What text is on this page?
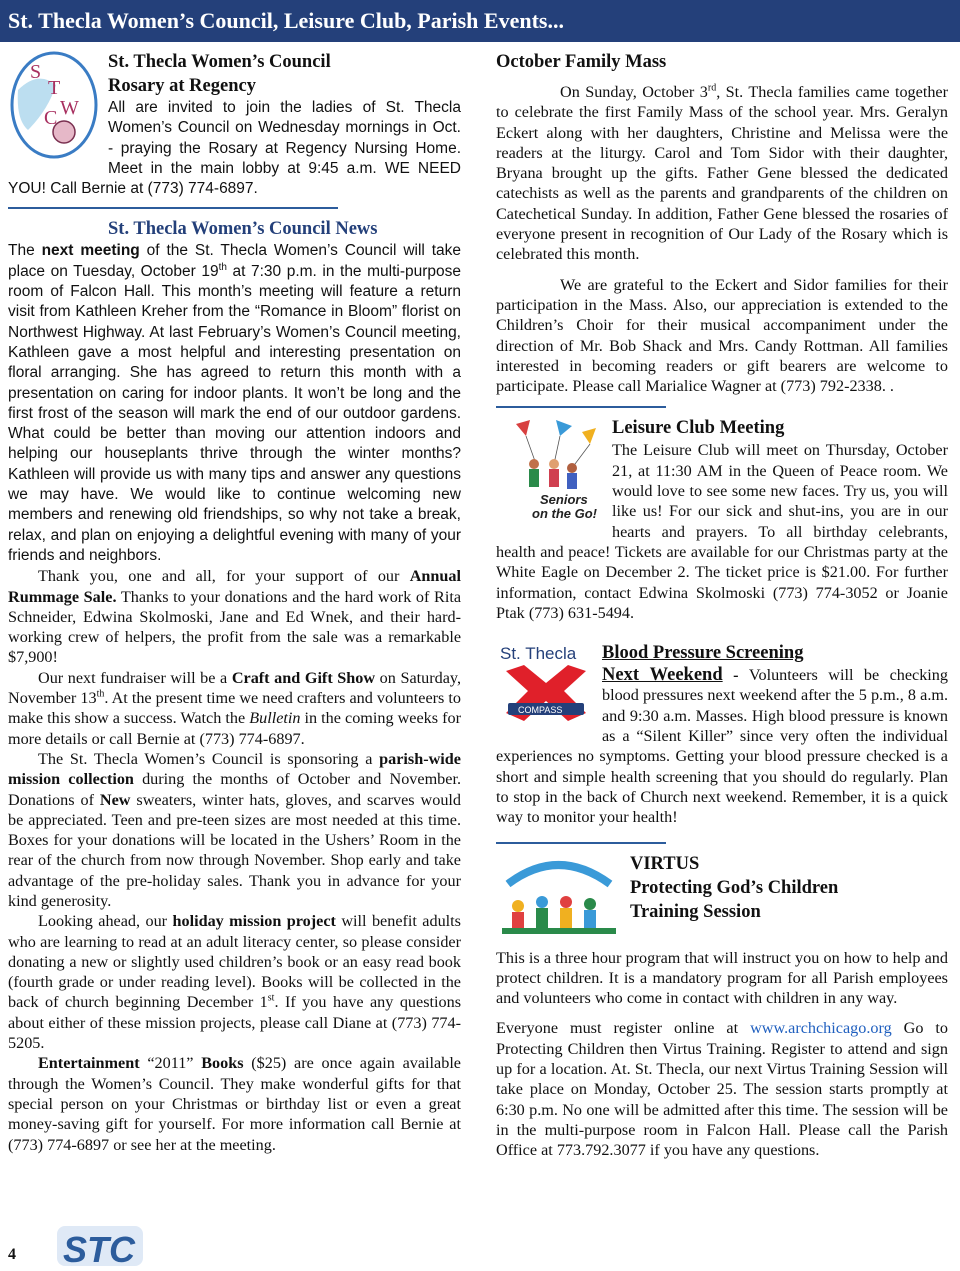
St. Thecla Women’s Council, Leisure Club, Parish Events...
S
T
W
C

St. Thecla Women’s Council

Rosary at Regency

All are invited to join the ladies of St. Thecla Women’s Council on Wednesday mornings in Oct. - praying the Rosary at Regency Nursing Home. Meet in the main lobby at 9:45 a.m. WE NEED YOU! Call Bernie at (773) 774-6897.

St. Thecla Women’s Council News

The next meeting of the St. Thecla Women’s Council will take place on Tuesday, October 19th at 7:30 p.m. in the multi-purpose room of Falcon Hall. This month’s meeting will feature a return visit from Kathleen Kreher from the “Romance in Bloom” florist on Northwest Highway. At last February’s Women’s Council meeting, Kathleen gave a most helpful and interesting presentation on floral arranging. She has agreed to return this month with a presentation on caring for indoor plants. It won’t be long and the first frost of the season will mark the end of our outdoor gardens. What could be better than moving our attention indoors and helping our houseplants thrive through the winter months? Kathleen will provide us with many tips and answer any questions we may have. We would like to continue welcoming new members and renewing old friendships, so why not take a break, relax, and plan on enjoying a delightful evening with many of your friends and neighbors.

Thank you, one and all, for your support of our Annual Rummage Sale. Thanks to your donations and the hard work of Rita Schneider, Edwina Skolmoski, Jane and Ed Wnek, and their hard-working crew of helpers, the profit from the sale was a remarkable $7,900!

Our next fundraiser will be a Craft and Gift Show on Saturday, November 13th. At the present time we need crafters and volunteers to make this show a success. Watch the Bulletin in the coming weeks for more details or call Bernie at (773) 774-6897.

The St. Thecla Women’s Council is sponsoring a parish-wide mission collection during the months of October and November. Donations of New sweaters, winter hats, gloves, and scarves would be appreciated. Teen and pre-teen sizes are most needed at this time. Boxes for your donations will be located in the Ushers’ Room in the rear of the church from now through November. Shop early and take advantage of the pre-holiday sales. Thank you in advance for your kind generosity.

Looking ahead, our holiday mission project will benefit adults who are learning to read at an adult literacy center, so please consider donating a new or slightly used children’s book or an easy read book (fourth grade or under reading level). Books will be collected in the back of church beginning December 1st. If you have any questions about either of these mission projects, please call Diane at (773) 774-5205.

Entertainment “2011” Books ($25) are once again available through the Women’s Council. They make wonderful gifts for that special person on your Christmas or birthday list or even a great money-saving gift for yourself. For more information call Bernie at (773) 774-6897 or see her at the meeting.

STC
4

October Family Mass

On Sunday, October 3rd, St. Thecla families came together to celebrate the first Family Mass of the school year. Mrs. Geralyn Eckert along with her daughters, Christine and Melissa were the readers at the liturgy. Carol and Tom Sidor with their daughter, Bryana brought up the gifts. Father Gene blessed the dedicated catechists as well as the parents and grandparents of the children on Catechetical Sunday. In addition, Father Gene blessed the rosaries of everyone present in recognition of Our Lady of the Rosary which is celebrated this month.

We are grateful to the Eckert and Sidor families for their participation in the Mass. Also, our appreciation is extended to the Children’s Choir for their musical accompaniment under the direction of Mr. Bob Shack and Mrs. Candy Rottman. All families interested in becoming readers or gift bearers are welcome to participate. Please call Marialice Wagner at (773) 792-2338. .

Seniors
on the Go!

Leisure Club Meeting

The Leisure Club will meet on Thursday, October 21, at 11:30 AM in the Queen of Peace room. We would love to see some new faces. Try us, you will like us! For our sick and shut-ins, you are in our hearts and prayers. To all birthday celebrants, health and peace! Tickets are available for our Christmas party at the White Eagle on December 2. The ticket price is $21.00. For further information, contact Edwina Skolmoski (773) 774-3052 or Joanie Ptak (773) 631-5494.

St. Thecla
COMPASS

Blood Pressure Screening

Next Weekend - Volunteers will be checking blood pressures next weekend after the 5 p.m., 8 a.m. and 9:30 a.m. Masses. High blood pressure is known as a “Silent Killer” since very often the individual experiences no symptoms. Getting your blood pressure checked is a short and simple health screening that you should do regularly. Plan to stop in the back of Church next weekend. Remember, it is a quick way to monitor your health!

VIRTUS

Protecting God’s Children

Training Session

This is a three hour program that will instruct you on how to help and protect children. It is a mandatory program for all Parish employees and volunteers who come in contact with children in any way.

Everyone must register online at www.archchicago.org Go to Protecting Children then Virtus Training. Register to attend and sign up for a location. At. St. Thecla, our next Virtus Training Session will take place on Monday, October 25. The session starts promptly at 6:30 p.m. No one will be admitted after this time. The session will be in the multi-purpose room in Falcon Hall. Please call the Parish Office at 773.792.3077 if you have any questions.
